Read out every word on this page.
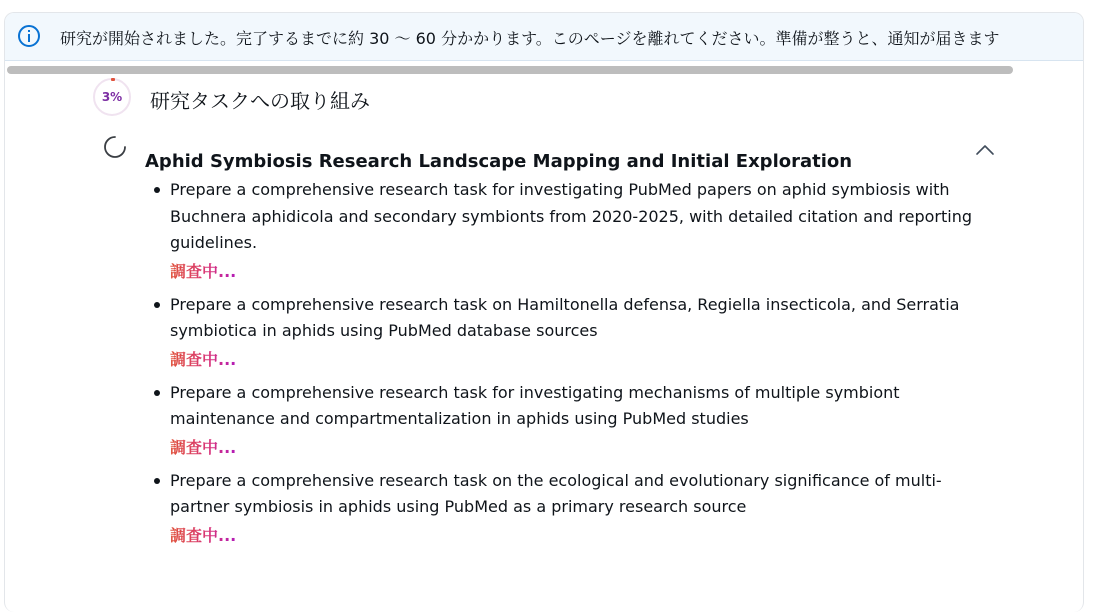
研究が開始されました。完了するまでに約 30 〜 60 分かかります。このページを離れてください。準備が整うと、通知が届きます
3%	研究タスクへの取り組み
Aphid Symbiosis Research Landscape Mapping and Initial Exploration
Prepare a comprehensive research task for investigating PubMed papers on aphid symbiosis with Buchnera aphidicola and secondary symbionts from 2020-2025, with detailed citation and reporting guidelines.
調査中...
Prepare a comprehensive research task on Hamiltonella defensa, Regiella insecticola, and Serratia symbiotica in aphids using PubMed database sources
調査中...
Prepare a comprehensive research task for investigating mechanisms of multiple symbiont maintenance and compartmentalization in aphids using PubMed studies
調査中...
Prepare a comprehensive research task on the ecological and evolutionary significance of multi-partner symbiosis in aphids using PubMed as a primary research source
調査中...
